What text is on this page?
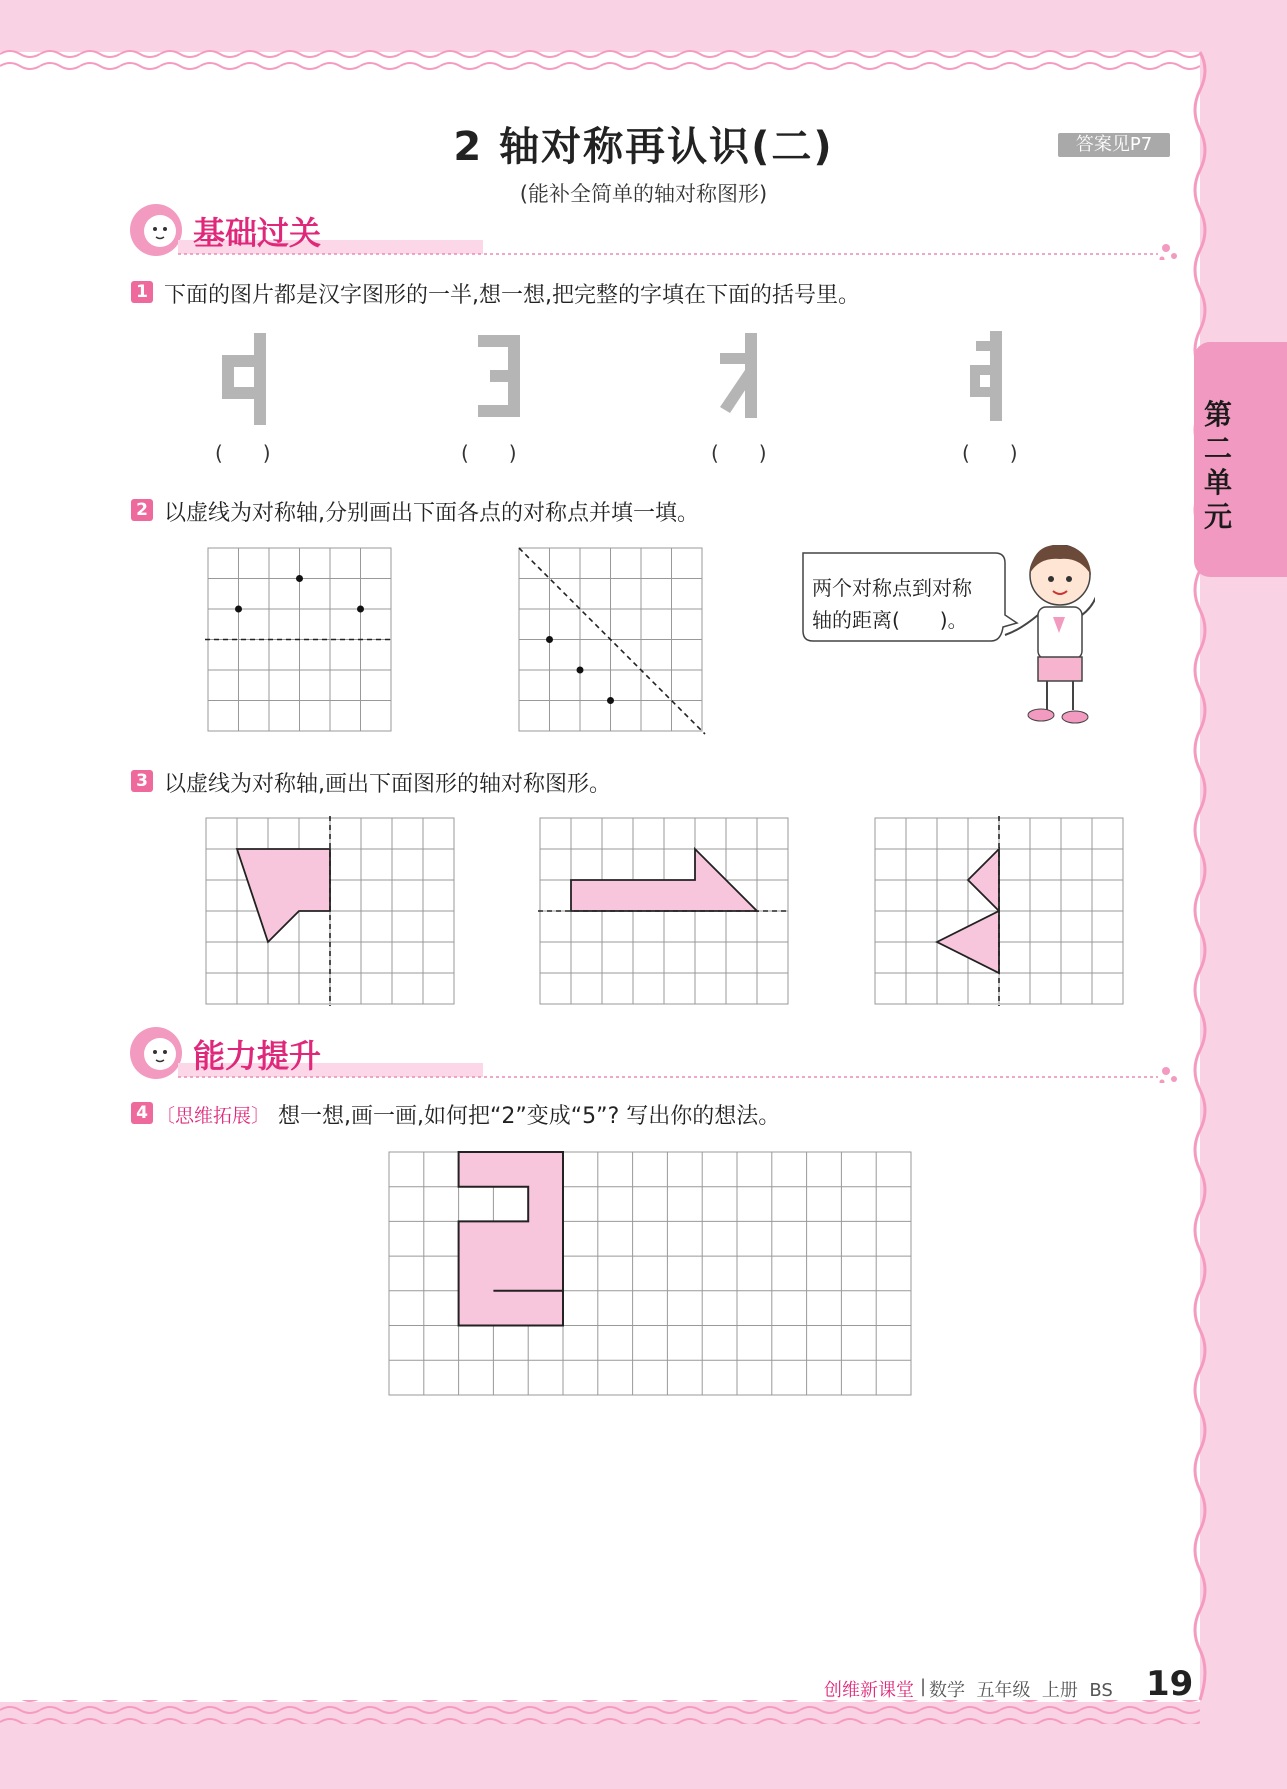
2 轴对称再认识(二)
(能补全简单的轴对称图形)
答案见P7
第二单元
基础过关
1 下面的图片都是汉字图形的一半,想一想,把完整的字填在下面的括号里。
(　　)	(　　)	(　　)	(　　)
2 以虚线为对称轴,分别画出下面各点的对称点并填一填。
两个对称点到对称
轴的距离(　　)。
3 以虚线为对称轴,画出下面图形的轴对称图形。
能力提升
4 〔思维拓展〕 想一想,画一画,如何把“2”变成“5”? 写出你的想法。
创维新课堂 | 数学  五年级  上册  BS 19
